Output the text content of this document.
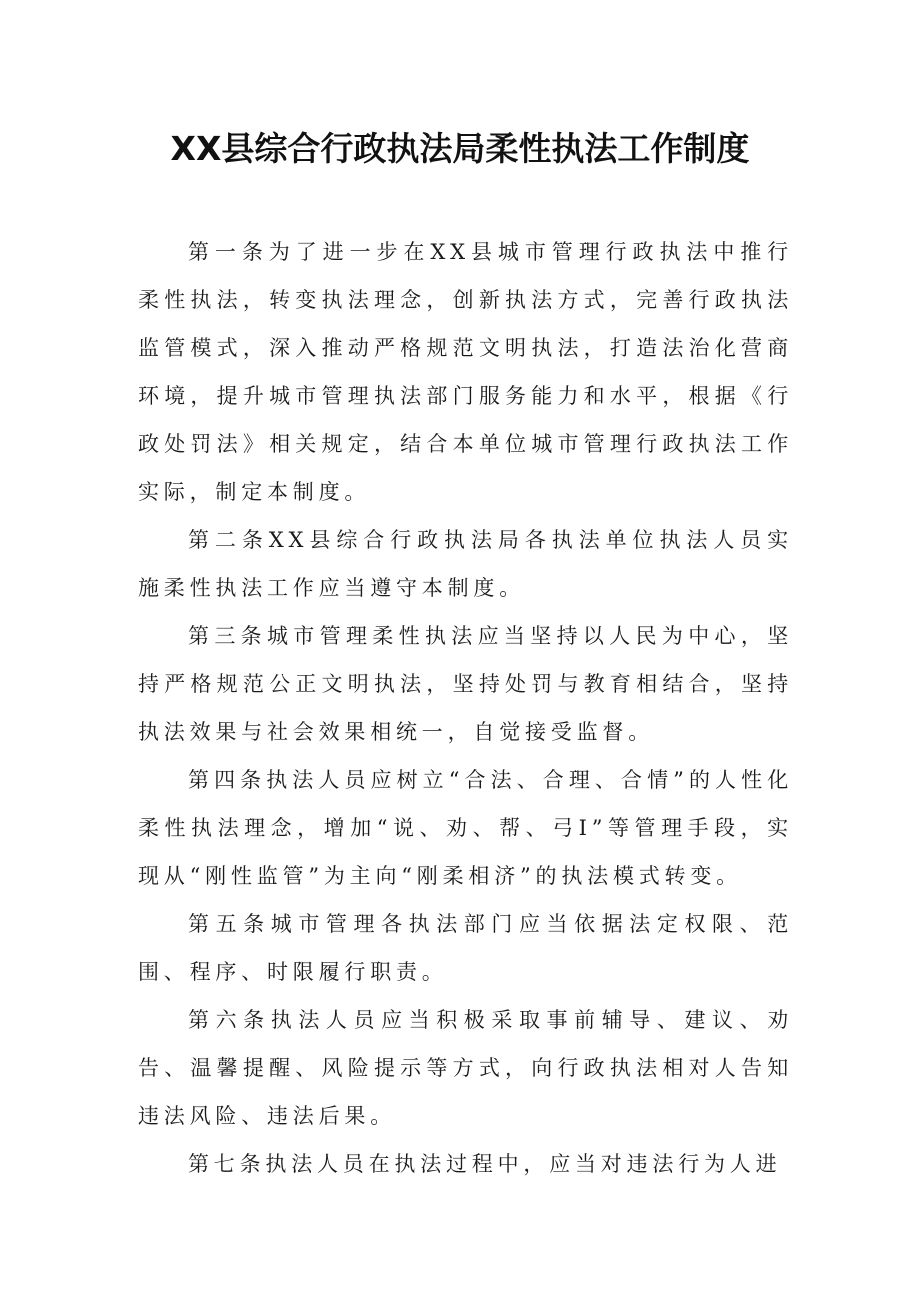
XX县综合行政执法局柔性执法工作制度

第一条为了进一步在XX县城市管理行政执法中推行柔性执法，转变执法理念，创新执法方式，完善行政执法监管模式，深入推动严格规范文明执法，打造法治化营商环境，提升城市管理执法部门服务能力和水平，根据《行政处罚法》相关规定，结合本单位城市管理行政执法工作实际，制定本制度。

第二条XX县综合行政执法局各执法单位执法人员实施柔性执法工作应当遵守本制度。

第三条城市管理柔性执法应当坚持以人民为中心，坚持严格规范公正文明执法，坚持处罚与教育相结合，坚持执法效果与社会效果相统一，自觉接受监督。

第四条执法人员应树立“合法、合理、合情”的人性化柔性执法理念，增加“说、劝、帮、弓I”等管理手段，实现从“刚性监管”为主向“刚柔相济”的执法模式转变。

第五条城市管理各执法部门应当依据法定权限、范围、程序、时限履行职责。

第六条执法人员应当积极采取事前辅导、建议、劝告、温馨提醒、风险提示等方式，向行政执法相对人告知违法风险、违法后果。

第七条执法人员在执法过程中，应当对违法行为人进
